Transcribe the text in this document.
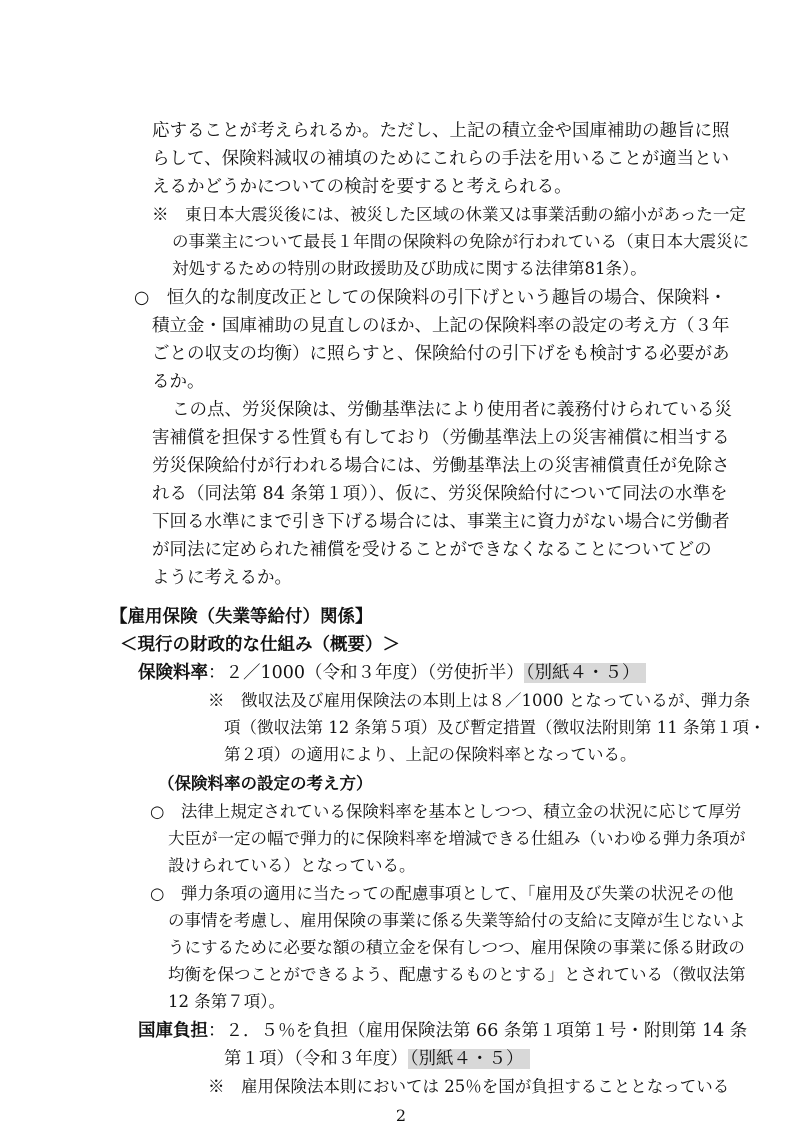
応することが考えられるか。ただし、上記の積立金や国庫補助の趣旨に照
らして、保険料減収の補填のためにこれらの手法を用いることが適当とい
えるかどうかについての検討を要すると考えられる。
※　東日本大震災後には、被災した区域の休業又は事業活動の縮小があった一定
の事業主について最長１年間の保険料の免除が行われている（東日本大震災に
対処するための特別の財政援助及び助成に関する法律第81条）。
○　恒久的な制度改正としての保険料の引下げという趣旨の場合、保険料・
積立金・国庫補助の見直しのほか、上記の保険料率の設定の考え方（３年
ごとの収支の均衡）に照らすと、保険給付の引下げをも検討する必要があ
るか。
この点、労災保険は、労働基準法により使用者に義務付けられている災
害補償を担保する性質も有しており（労働基準法上の災害補償に相当する
労災保険給付が行われる場合には、労働基準法上の災害補償責任が免除さ
れる（同法第 84 条第１項））、仮に、労災保険給付について同法の水準を
下回る水準にまで引き下げる場合には、事業主に資力がない場合に労働者
が同法に定められた補償を受けることができなくなることについてどの
ように考えるか。
【雇用保険（失業等給付）関係】
＜現行の財政的な仕組み（概要）＞
保険料率：２／1000（令和３年度）（労使折半） （別紙４・５）
※　徴収法及び雇用保険法の本則上は８／1000 となっているが、弾力条
項（徴収法第 12 条第５項）及び暫定措置（徴収法附則第 11 条第１項・
第２項）の適用により、上記の保険料率となっている。
（保険料率の設定の考え方）
○　法律上規定されている保険料率を基本としつつ、積立金の状況に応じて厚労
大臣が一定の幅で弾力的に保険料率を増減できる仕組み（いわゆる弾力条項が
設けられている）となっている。
○　弾力条項の適用に当たっての配慮事項として、「雇用及び失業の状況その他
の事情を考慮し、雇用保険の事業に係る失業等給付の支給に支障が生じないよ
うにするために必要な額の積立金を保有しつつ、雇用保険の事業に係る財政の
均衡を保つことができるよう、配慮するものとする」とされている（徴収法第
12 条第７項）。
国庫負担：２．５％を負担（雇用保険法第 66 条第１項第１号・附則第 14 条
第１項）（令和３年度） （別紙４・５）
※　雇用保険法本則においては 25％を国が負担することとなっている
2
